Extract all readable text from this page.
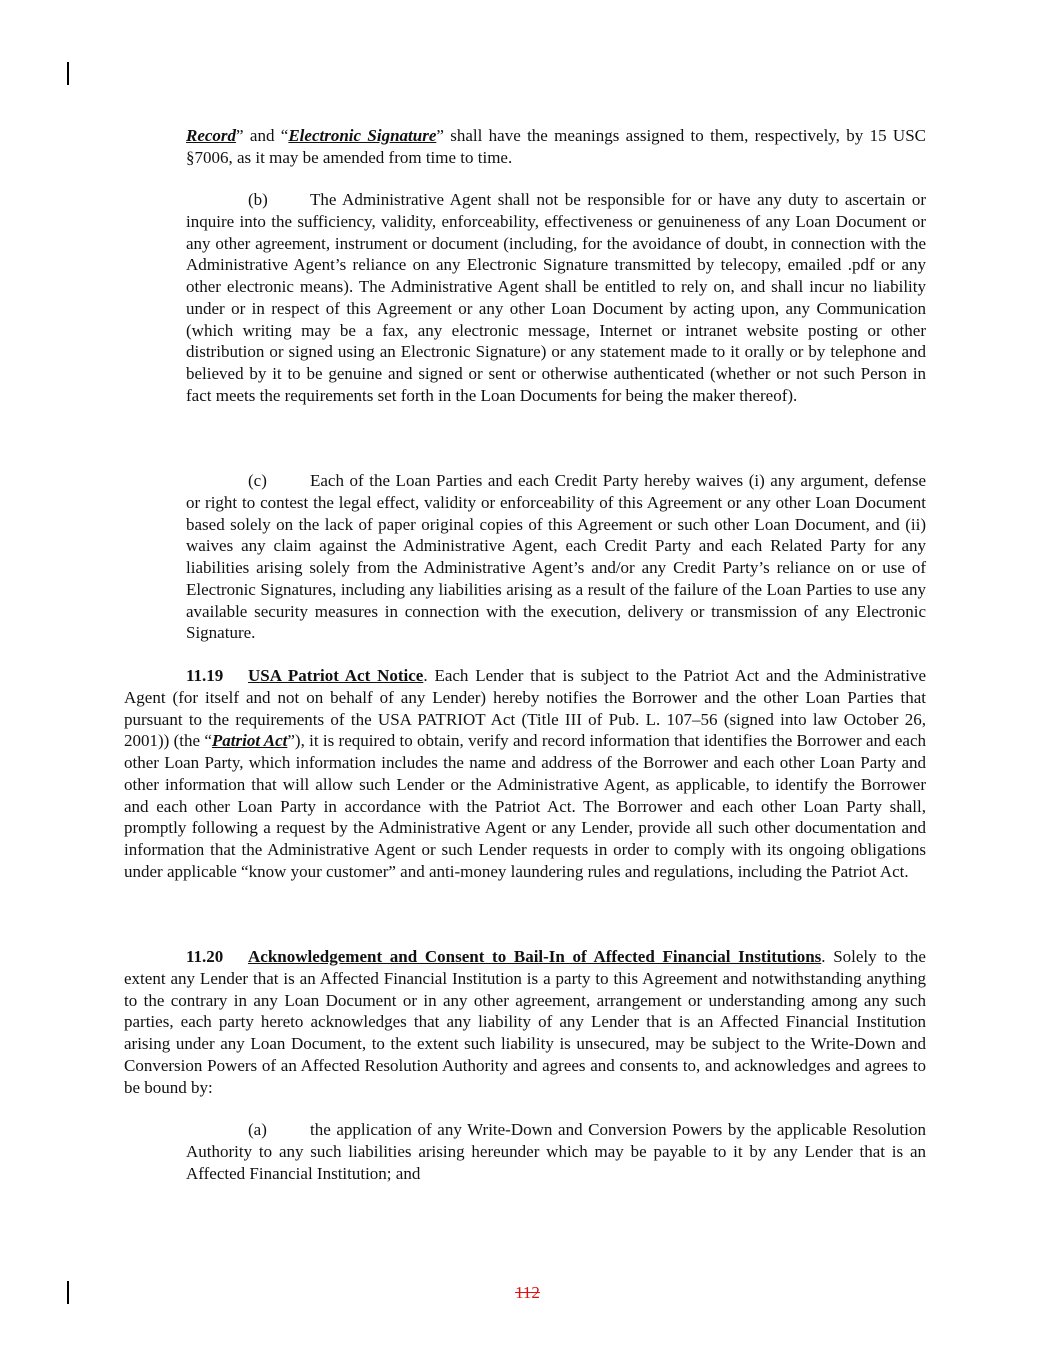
Record” and “Electronic Signature” shall have the meanings assigned to them, respectively, by 15 USC §7006, as it may be amended from time to time.
(b) The Administrative Agent shall not be responsible for or have any duty to ascertain or inquire into the sufficiency, validity, enforceability, effectiveness or genuineness of any Loan Document or any other agreement, instrument or document (including, for the avoidance of doubt, in connection with the Administrative Agent’s reliance on any Electronic Signature transmitted by telecopy, emailed .pdf or any other electronic means). The Administrative Agent shall be entitled to rely on, and shall incur no liability under or in respect of this Agreement or any other Loan Document by acting upon, any Communication (which writing may be a fax, any electronic message, Internet or intranet website posting or other distribution or signed using an Electronic Signature) or any statement made to it orally or by telephone and believed by it to be genuine and signed or sent or otherwise authenticated (whether or not such Person in fact meets the requirements set forth in the Loan Documents for being the maker thereof).
(c)	Each of the Loan Parties and each Credit Party hereby waives (i) any argument, defense or right to contest the legal effect, validity or enforceability of this Agreement or any other Loan Document based solely on the lack of paper original copies of this Agreement or such other Loan Document, and (ii) waives any claim against the Administrative Agent, each Credit Party and each Related Party for any liabilities arising solely from the Administrative Agent’s and/or any Credit Party’s reliance on or use of Electronic Signatures, including any liabilities arising as a result of the failure of the Loan Parties to use any available security measures in connection with the execution, delivery or transmission of any Electronic Signature.
11.19 USA Patriot Act Notice. Each Lender that is subject to the Patriot Act and the Administrative Agent (for itself and not on behalf of any Lender) hereby notifies the Borrower and the other Loan Parties that pursuant to the requirements of the USA PATRIOT Act (Title III of Pub. L. 107–56 (signed into law October 26, 2001)) (the “Patriot Act”), it is required to obtain, verify and record information that identifies the Borrower and each other Loan Party, which information includes the name and address of the Borrower and each other Loan Party and other information that will allow such Lender or the Administrative Agent, as applicable, to identify the Borrower and each other Loan Party in accordance with the Patriot Act. The Borrower and each other Loan Party shall, promptly following a request by the Administrative Agent or any Lender, provide all such other documentation and information that the Administrative Agent or such Lender requests in order to comply with its ongoing obligations under applicable “know your customer” and anti-money laundering rules and regulations, including the Patriot Act.
11.20 Acknowledgement and Consent to Bail-In of Affected Financial Institutions. Solely to the extent any Lender that is an Affected Financial Institution is a party to this Agreement and notwithstanding anything to the contrary in any Loan Document or in any other agreement, arrangement or understanding among any such parties, each party hereto acknowledges that any liability of any Lender that is an Affected Financial Institution arising under any Loan Document, to the extent such liability is unsecured, may be subject to the Write-Down and Conversion Powers of an Affected Resolution Authority and agrees and consents to, and acknowledges and agrees to be bound by:
(a)	the application of any Write-Down and Conversion Powers by the applicable Resolution Authority to any such liabilities arising hereunder which may be payable to it by any Lender that is an Affected Financial Institution; and
112
